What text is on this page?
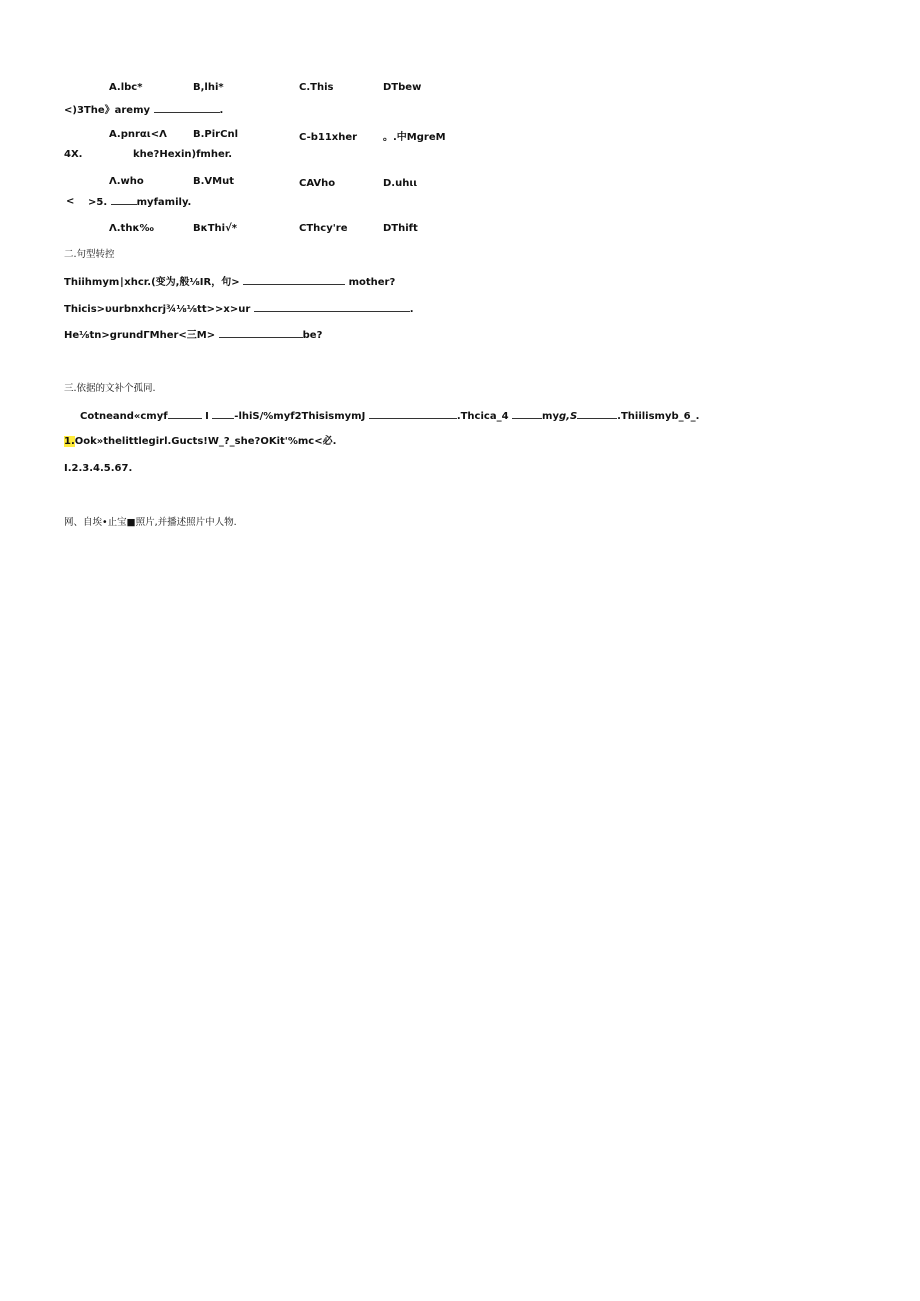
A.lbc*	B,lhi*	C.This	DTbew
<)3The》aremy	.
A.pnrαι<Λ	B.PirCnl	C-b11xher	。.中MgreM
4X.	khe?Hexin)fmher.
Λ.who	B.VMut	CAVho	D.uhιι
< >5.	myfamily.
Λ.thκ‰	BκThi√*	CThcy're	DThift
二.句型转控
Thiihmym∣xhcr.(变为,般⅛IR，句>	mother?
Thicis>υurbnxhcrj¾⅛⅛tt>>x>ur	.
He⅛tn>grundΓMher<三M>	be?
三.依据的文补个孤同.
Cotneand«cmyf	I	-lhiS/%myf2ThisismymJ	.Thcica_4	myg,S	.Thiilismyb_6_.
1.Ook»thelittlegirl.Gucts!W_?_she?OKit'%mc<必.
I.2.3.4.5.67.
网、自埃•止宝■照片,并播述照片中人物.
